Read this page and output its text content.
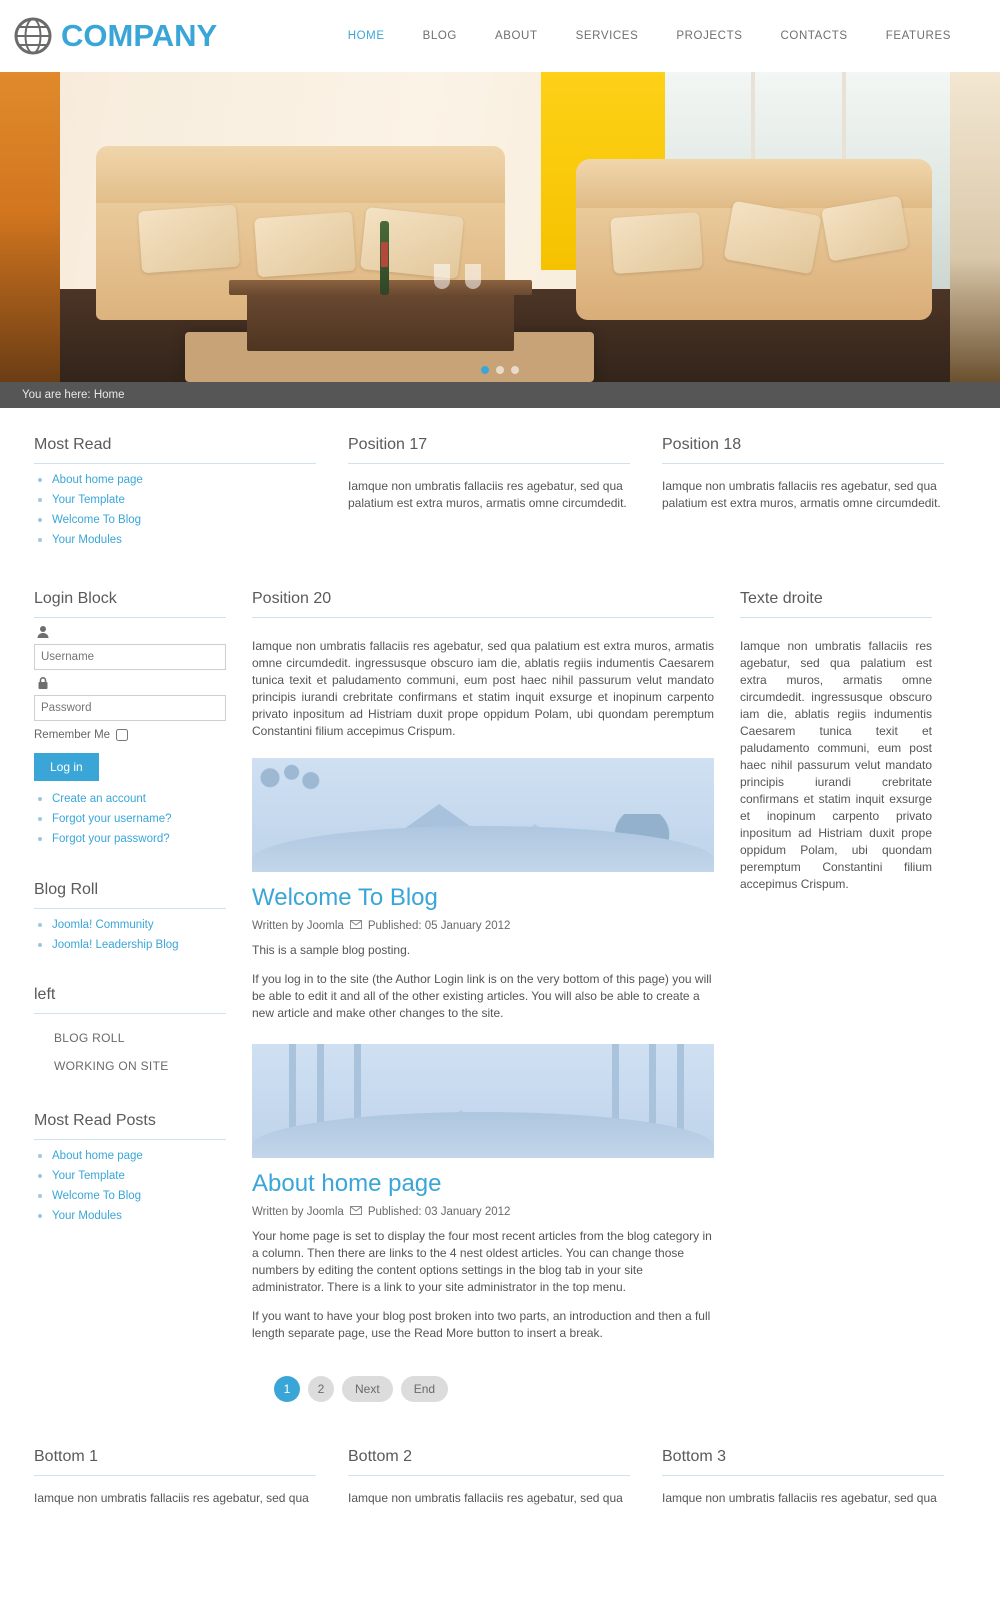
COMPANY	HOME	BLOG	ABOUT	SERVICES	PROJECTS	CONTACTS	FEATURES
You are here: Home
Most Read
• About home page
• Your Template
• Welcome To Blog
• Your Modules
Position 17

Iamque non umbratis fallaciis res agebatur, sed qua palatium est extra muros, armatis omne circumdedit.

Position 18

Iamque non umbratis fallaciis res agebatur, sed qua palatium est extra muros, armatis omne circumdedit.

Login Block
Username
Remember Me
Log in
• Create an account
• Forgot your username?
• Forgot your password?
Blog Roll
• Joomla! Community
• Joomla! Leadership Blog
left
BLOG ROLL
WORKING ON SITE
Most Read Posts
• About home page
• Your Template
• Welcome To Blog
• Your Modules
Position 20

Iamque non umbratis fallaciis res agebatur, sed qua palatium est extra muros, armatis omne circumdedit. ingressusque obscuro iam die, ablatis regiis indumentis Caesarem tunica texit et paludamento communi, eum post haec nihil passurum velut mandato principis iurandi crebritate confirmans et statim inquit exsurge et inopinum carpento privato inpositum ad Histriam duxit prope oppidum Polam, ubi quondam peremptum Constantini filium accepimus Crispum.

Welcome To Blog
Written by Joomla Published: 05 January 2012

This is a sample blog posting.

If you log in to the site (the Author Login link is on the very bottom of this page) you will be able to edit it and all of the other existing articles. You will also be able to create a new article and make other changes to the site.

About home page
Written by Joomla Published: 03 January 2012

Your home page is set to display the four most recent articles from the blog category in a column. Then there are links to the 4 nest oldest articles. You can change those numbers by editing the content options settings in the blog tab in your site administrator. There is a link to your site administrator in the top menu.

If you want to have your blog post broken into two parts, an introduction and then a full length separate page, use the Read More button to insert a break.

1	2	Next	End
Texte droite

Iamque non umbratis fallaciis res agebatur, sed qua palatium est extra muros, armatis omne circumdedit. ingressusque obscuro iam die, ablatis regiis indumentis Caesarem tunica texit et paludamento communi, eum post haec nihil passurum velut mandato principis iurandi crebritate confirmans et statim inquit exsurge et inopinum carpento privato inpositum ad Histriam duxit prope oppidum Polam, ubi quondam peremptum Constantini filium accepimus Crispum.

Bottom 1

Iamque non umbratis fallaciis res agebatur, sed qua

Bottom 2

Iamque non umbratis fallaciis res agebatur, sed qua

Bottom 3

Iamque non umbratis fallaciis res agebatur, sed qua
